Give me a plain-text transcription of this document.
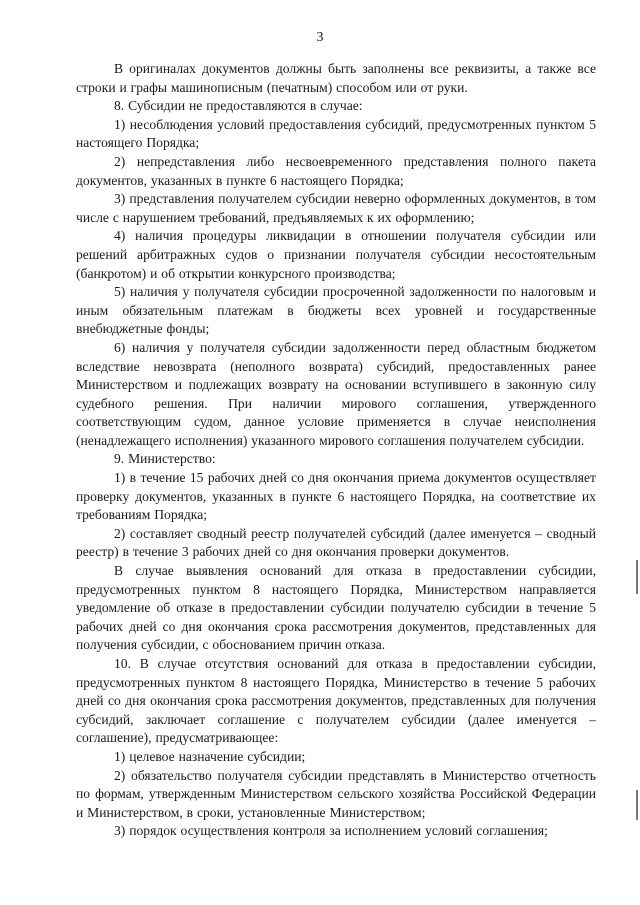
3

В оригиналах документов должны быть заполнены все реквизиты, а также все строки и графы машинописным (печатным) способом или от руки.

8. Субсидии не предоставляются в случае:

1) несоблюдения условий предоставления субсидий, предусмотренных пунктом 5 настоящего Порядка;

2) непредставления либо несвоевременного представления полного пакета документов, указанных в пункте 6 настоящего Порядка;

3) представления получателем субсидии неверно оформленных документов, в том числе с нарушением требований, предъявляемых к их оформлению;

4) наличия процедуры ликвидации в отношении получателя субсидии или решений арбитражных судов о признании получателя субсидии несостоятельным (банкротом) и об открытии конкурсного производства;

5) наличия у получателя субсидии просроченной задолженности по налоговым и иным обязательным платежам в бюджеты всех уровней и государственные внебюджетные фонды;

6) наличия у получателя субсидии задолженности перед областным бюджетом вследствие невозврата (неполного возврата) субсидий, предоставленных ранее Министерством и подлежащих возврату на основании вступившего в законную силу судебного решения. При наличии мирового соглашения, утвержденного соответствующим судом, данное условие применяется в случае неисполнения (ненадлежащего исполнения) указанного мирового соглашения получателем субсидии.

9. Министерство:

1) в течение 15 рабочих дней со дня окончания приема документов осуществляет проверку документов, указанных в пункте 6 настоящего Порядка, на соответствие их требованиям Порядка;

2) составляет сводный реестр получателей субсидий (далее именуется – сводный реестр) в течение 3 рабочих дней со дня окончания проверки документов.

В случае выявления оснований для отказа в предоставлении субсидии, предусмотренных пунктом 8 настоящего Порядка, Министерством направляется уведомление об отказе в предоставлении субсидии получателю субсидии в течение 5 рабочих дней со дня окончания срока рассмотрения документов, представленных для получения субсидии, с обоснованием причин отказа.

10. В случае отсутствия оснований для отказа в предоставлении субсидии, предусмотренных пунктом 8 настоящего Порядка, Министерство в течение 5 рабочих дней со дня окончания срока рассмотрения документов, представленных для получения субсидий, заключает соглашение с получателем субсидии (далее именуется – соглашение), предусматривающее:

1) целевое назначение субсидии;

2) обязательство получателя субсидии представлять в Министерство отчетность по формам, утвержденным Министерством сельского хозяйства Российской Федерации и Министерством, в сроки, установленные Министерством;

3) порядок осуществления контроля за исполнением условий соглашения;
